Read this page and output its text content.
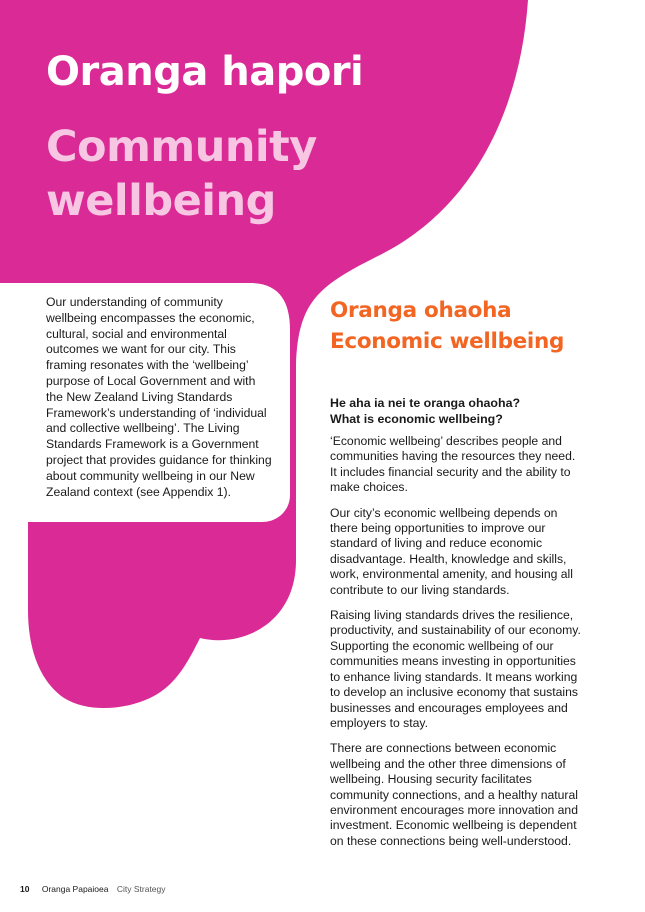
Oranga hapori
Community
wellbeing

Our understanding of community wellbeing encompasses the economic, cultural, social and environmental outcomes we want for our city. This framing resonates with the ‘wellbeing’ purpose of Local Government and with the New Zealand Living Standards Framework’s understanding of ‘individual and collective wellbeing’. The Living Standards Framework is a Government project that provides guidance for thinking about community wellbeing in our New Zealand context (see Appendix 1).

Oranga ohaoha
Economic wellbeing
He aha ia nei te oranga ohaoha?
What is economic wellbeing?

‘Economic wellbeing’ describes people and communities having the resources they need. It includes financial security and the ability to make choices.

Our city’s economic wellbeing depends on there being opportunities to improve our standard of living and reduce economic disadvantage. Health, knowledge and skills, work, environmental amenity, and housing all contribute to our living standards.

Raising living standards drives the resilience, productivity, and sustainability of our economy. Supporting the economic wellbeing of our communities means investing in opportunities to enhance living standards. It means working to develop an inclusive economy that sustains businesses and encourages employees and employers to stay.

There are connections between economic wellbeing and the other three dimensions of wellbeing. Housing security facilitates community connections, and a healthy natural environment encourages more innovation and investment. Economic wellbeing is dependent on these connections being well-understood.

10 Oranga Papaioea City Strategy
